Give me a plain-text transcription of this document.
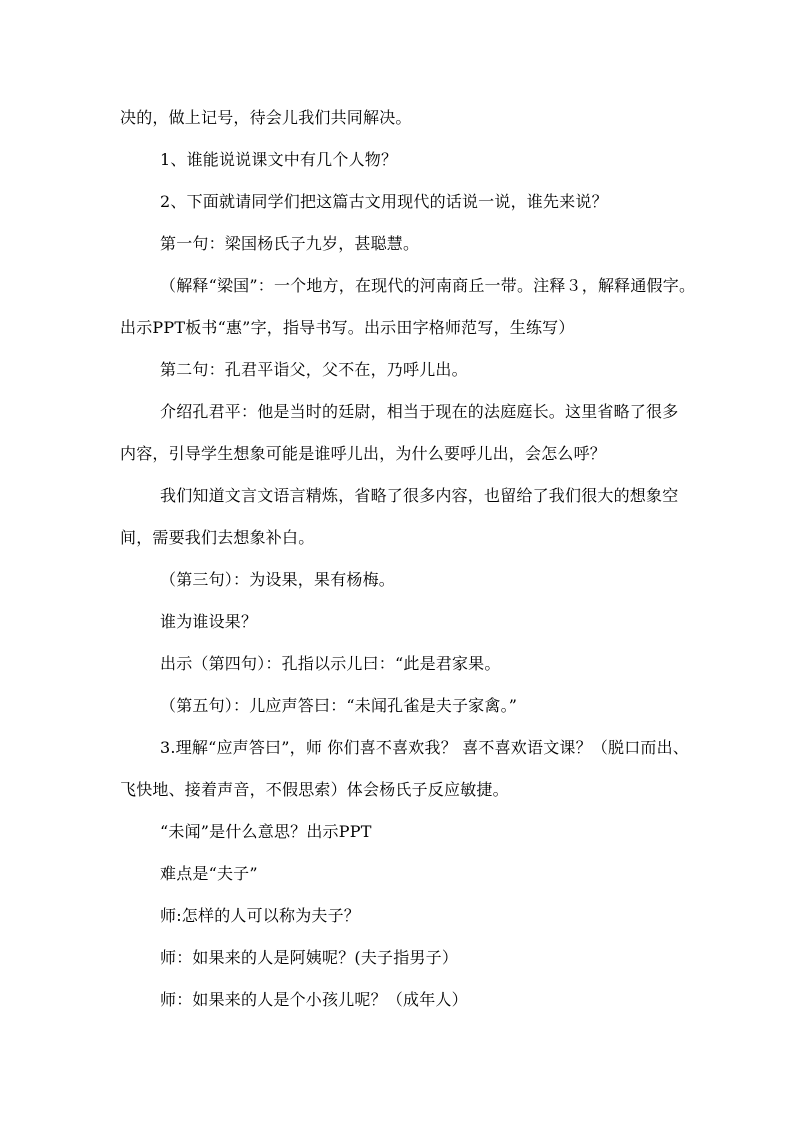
决的，做上记号，待会儿我们共同解决。
1、谁能说说课文中有几个人物？
2、下面就请同学们把这篇古文用现代的话说一说，谁先来说？
第一句：梁国杨氏子九岁，甚聪慧。
（解释“梁国”：一个地方，在现代的河南商丘一带。注释３，解释通假字。
出示PPT板书“惠”字，指导书写。出示田字格师范写，生练写）
第二句：孔君平诣父，父不在，乃呼儿出。
介绍孔君平：他是当时的廷尉，相当于现在的法庭庭长。这里省略了很多
内容，引导学生想象可能是谁呼儿出，为什么要呼儿出，会怎么呼？
我们知道文言文语言精炼，省略了很多内容，也留给了我们很大的想象空
间，需要我们去想象补白。
（第三句）：为设果，果有杨梅。
谁为谁设果？
出示（第四句）：孔指以示儿曰：“此是君家果。
（第五句）：儿应声答曰：“未闻孔雀是夫子家禽。”
3.理解“应声答曰”，师 你们喜不喜欢我？ 喜不喜欢语文课？（脱口而出、
飞快地、接着声音，不假思索）体会杨氏子反应敏捷。
“未闻”是什么意思？出示PPT
难点是“夫子”
师:怎样的人可以称为夫子？
师：如果来的人是阿姨呢？(夫子指男子）
师：如果来的人是个小孩儿呢？（成年人）
